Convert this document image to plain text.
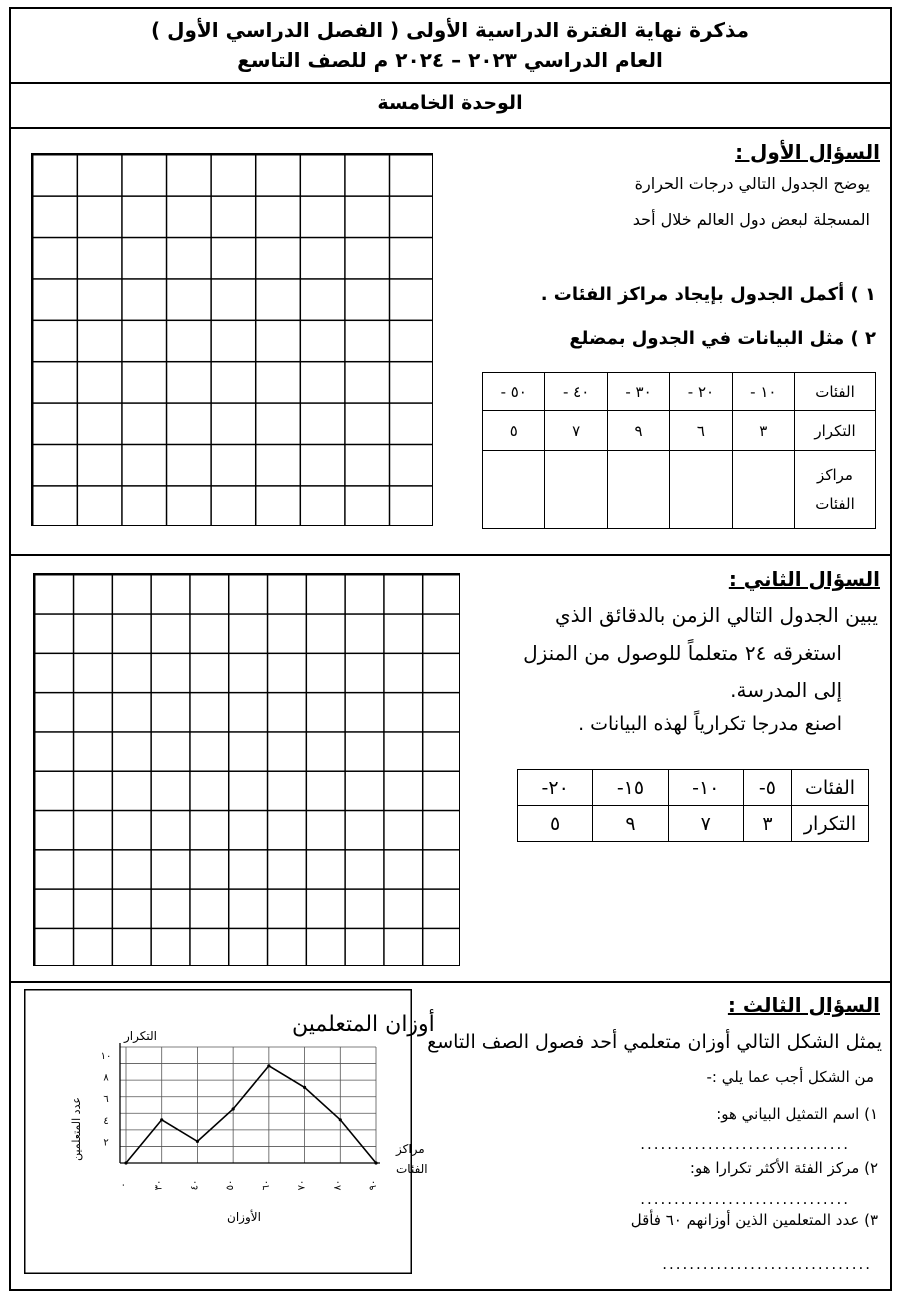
مذكرة نهاية الفترة الدراسية الأولى ( الفصل الدراسي الأول )
العام الدراسي ٢٠٢٣ – ٢٠٢٤ م للصف التاسع
الوحدة الخامسة
السؤال الأول :
يوضح الجدول التالي درجات الحرارة
المسجلة لبعض دول العالم خلال أحد
١ ) أكمل الجدول بإيجاد مراكز الفئات .
٢ ) مثل البيانات في الجدول بمضلع
الفئات	١٠ -	٢٠ -	٣٠ -	٤٠ -	٥٠ -
التكرار	٣	٦	٩	٧	٥
مراكز
الفئات					
السؤال الثاني :
يبين الجدول التالي الزمن بالدقائق الذي
استغرقه ٢٤ متعلماً للوصول من المنزل
إلى المدرسة.
اصنع مدرجا تكرارياً لهذه البيانات .
الفئات	٥-	١٠-	١٥-	٢٠-
التكرار	٣	٧	٩	٥
السؤال الثالث :
يمثل الشكل التالي أوزان متعلمي أحد فصول الصف التاسع
من الشكل أجب عما يلي :-
١) اسم التمثيل البياني هو:
...............................
٢) مركز الفئة الأكثر تكرارا هو:
...............................
٣) عدد المتعلمين الذين أوزانهم ٦٠ فأقل
...............................
أوزان المتعلمين
التكرار
عدد المتعلمين
الأوزان
مراكز
الفئات
٢
٤
٦
٨
١٠
٠ ٣٠ ٤٠ ٥٠ ٦٠ ٧٠ ٨٠ ٩٠
